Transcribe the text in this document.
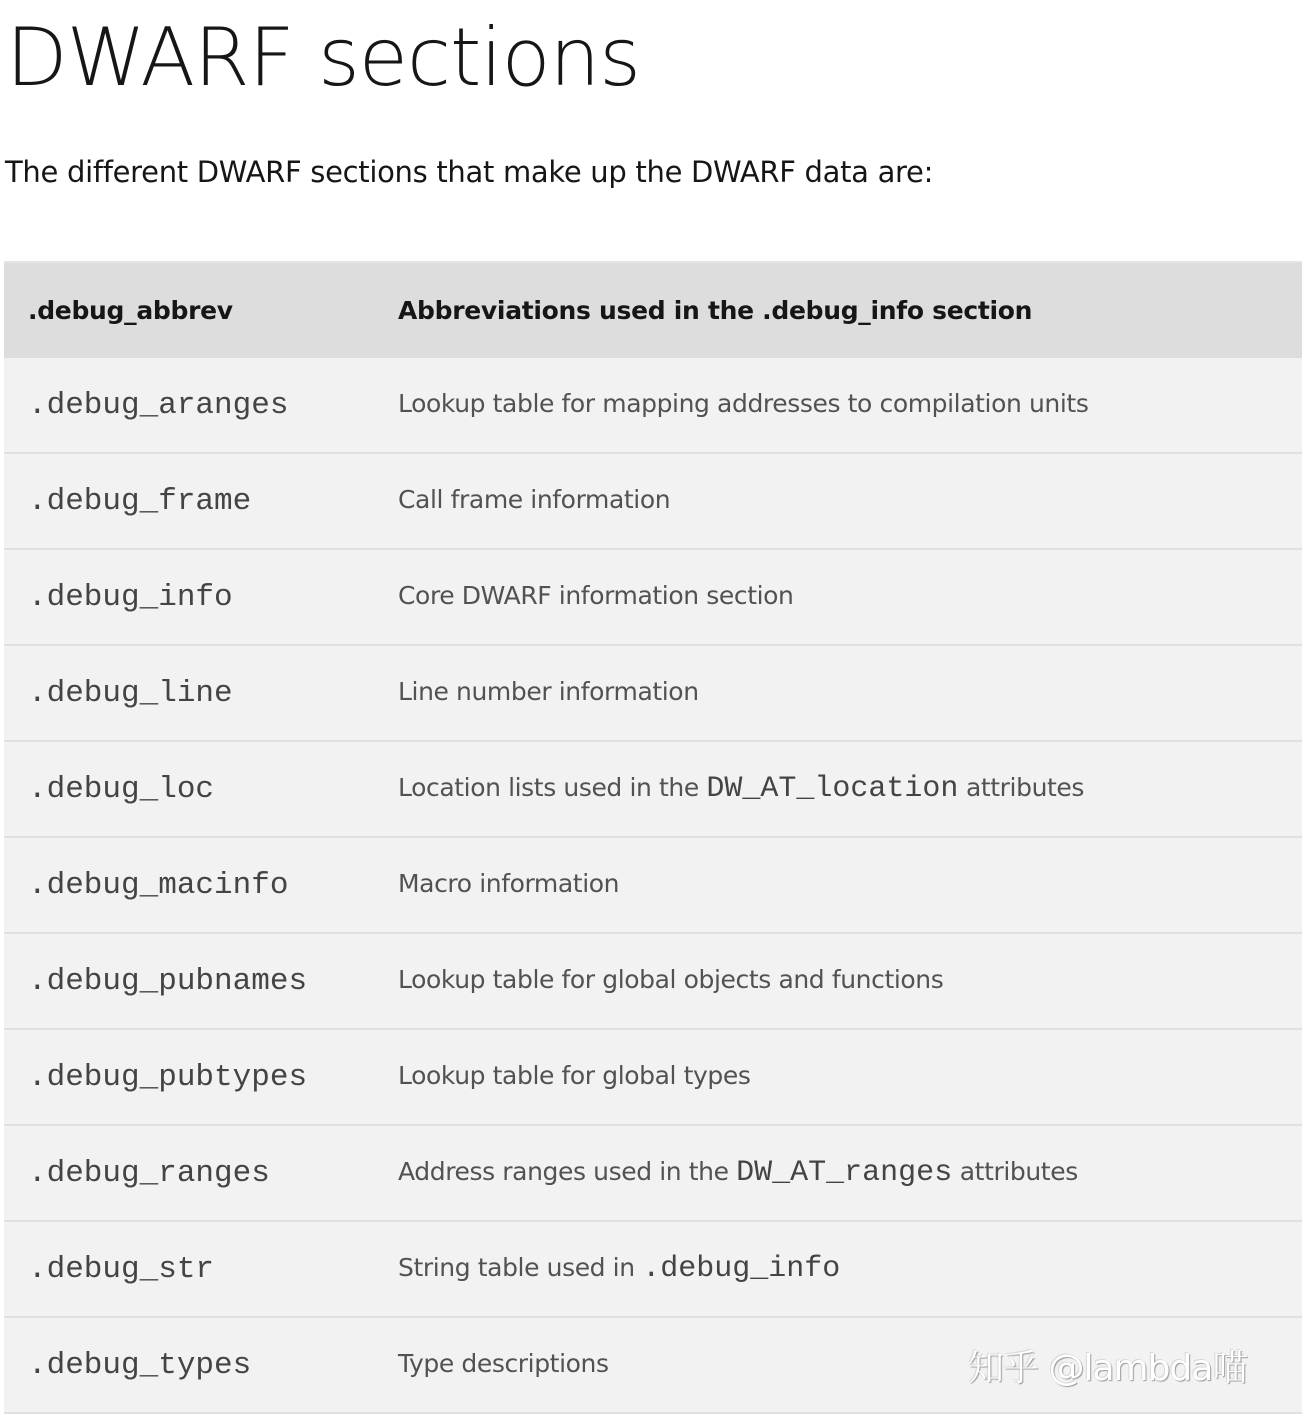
DWARF sections

The different DWARF sections that make up the DWARF data are:

.debug_abbrev	Abbreviations used in the .debug_info section
.debug_aranges	Lookup table for mapping addresses to compilation units
.debug_frame	Call frame information
.debug_info	Core DWARF information section
.debug_line	Line number information
.debug_loc	Location lists used in the DW_AT_location attributes
.debug_macinfo	Macro information
.debug_pubnames	Lookup table for global objects and functions
.debug_pubtypes	Lookup table for global types
.debug_ranges	Address ranges used in the DW_AT_ranges attributes
.debug_str	String table used in .debug_info
.debug_types	Type descriptions	知乎 @lambda喵
